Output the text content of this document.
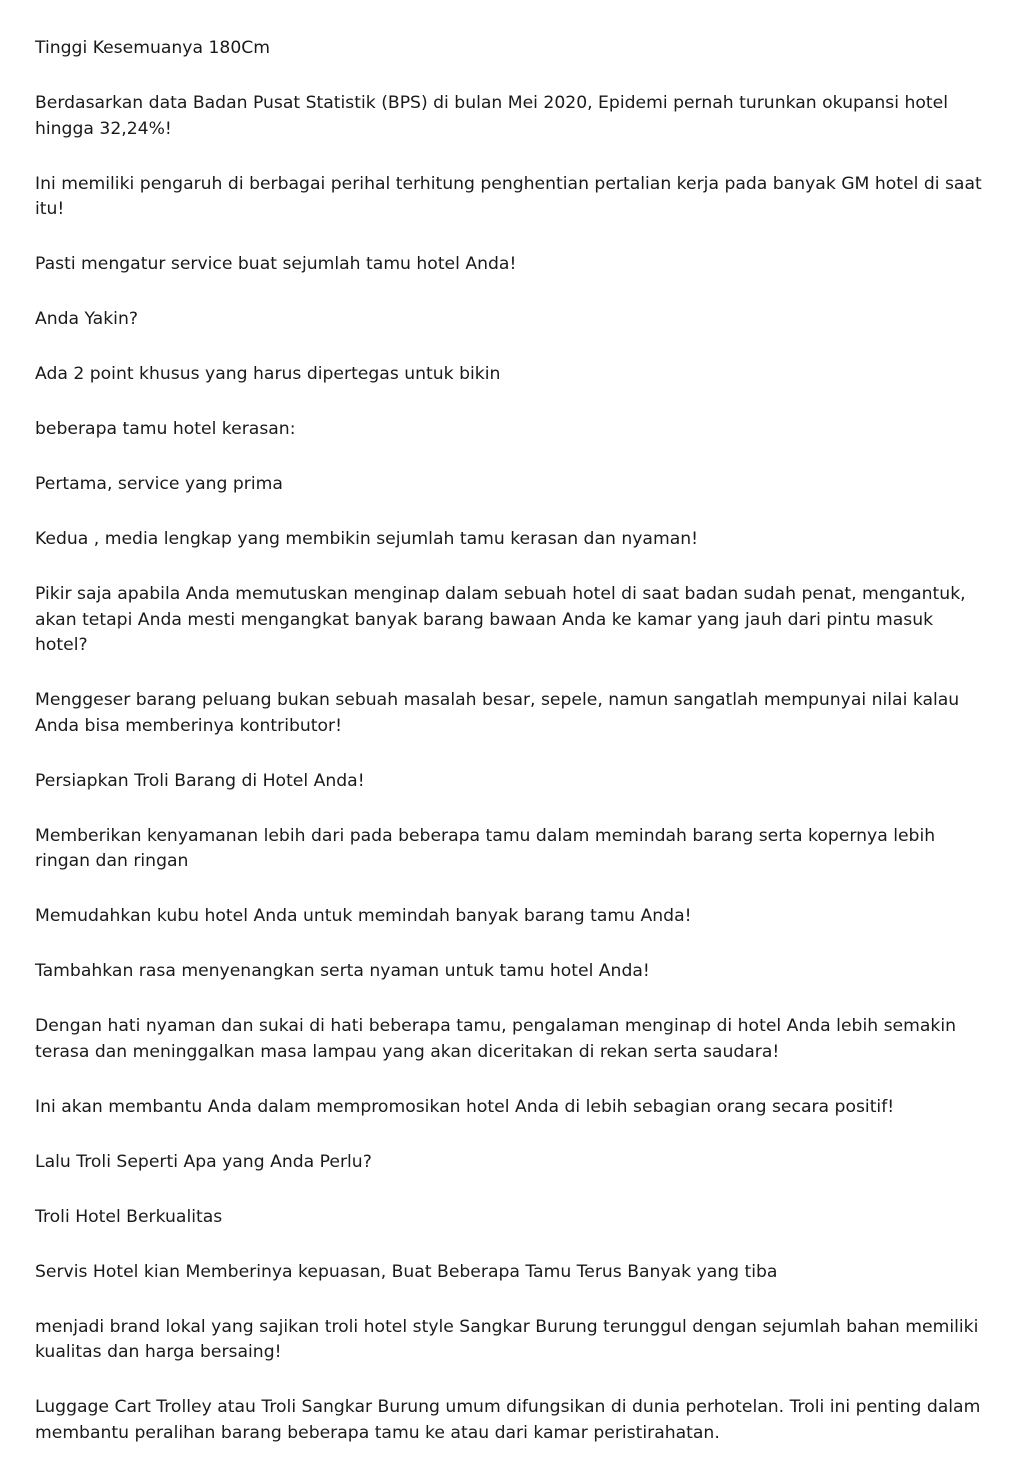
Tinggi Kesemuanya 180Cm

Berdasarkan data Badan Pusat Statistik (BPS) di bulan Mei 2020, Epidemi pernah turunkan okupansi hotel hingga 32,24%!

Ini memiliki pengaruh di berbagai perihal terhitung penghentian pertalian kerja pada banyak GM hotel di saat itu!

Pasti mengatur service buat sejumlah tamu hotel Anda!

Anda Yakin?

Ada 2 point khusus yang harus dipertegas untuk bikin

beberapa tamu hotel kerasan:

Pertama, service yang prima

Kedua , media lengkap yang membikin sejumlah tamu kerasan dan nyaman!

Pikir saja apabila Anda memutuskan menginap dalam sebuah hotel di saat badan sudah penat, mengantuk, akan tetapi Anda mesti mengangkat banyak barang bawaan Anda ke kamar yang jauh dari pintu masuk hotel?

Menggeser barang peluang bukan sebuah masalah besar, sepele, namun sangatlah mempunyai nilai kalau Anda bisa memberinya kontributor!

Persiapkan Troli Barang di Hotel Anda!

Memberikan kenyamanan lebih dari pada beberapa tamu dalam memindah barang serta kopernya lebih ringan dan ringan

Memudahkan kubu hotel Anda untuk memindah banyak barang tamu Anda!

Tambahkan rasa menyenangkan serta nyaman untuk tamu hotel Anda!

Dengan hati nyaman dan sukai di hati beberapa tamu, pengalaman menginap di hotel Anda lebih semakin terasa dan meninggalkan masa lampau yang akan diceritakan di rekan serta saudara!

Ini akan membantu Anda dalam mempromosikan hotel Anda di lebih sebagian orang secara positif!

Lalu Troli Seperti Apa yang Anda Perlu?

Troli Hotel Berkualitas

Servis Hotel kian Memberinya kepuasan, Buat Beberapa Tamu Terus Banyak yang tiba

menjadi brand lokal yang sajikan troli hotel style Sangkar Burung terunggul dengan sejumlah bahan memiliki kualitas dan harga bersaing!

Luggage Cart Trolley atau Troli Sangkar Burung umum difungsikan di dunia perhotelan. Troli ini penting dalam membantu peralihan barang beberapa tamu ke atau dari kamar peristirahatan.
